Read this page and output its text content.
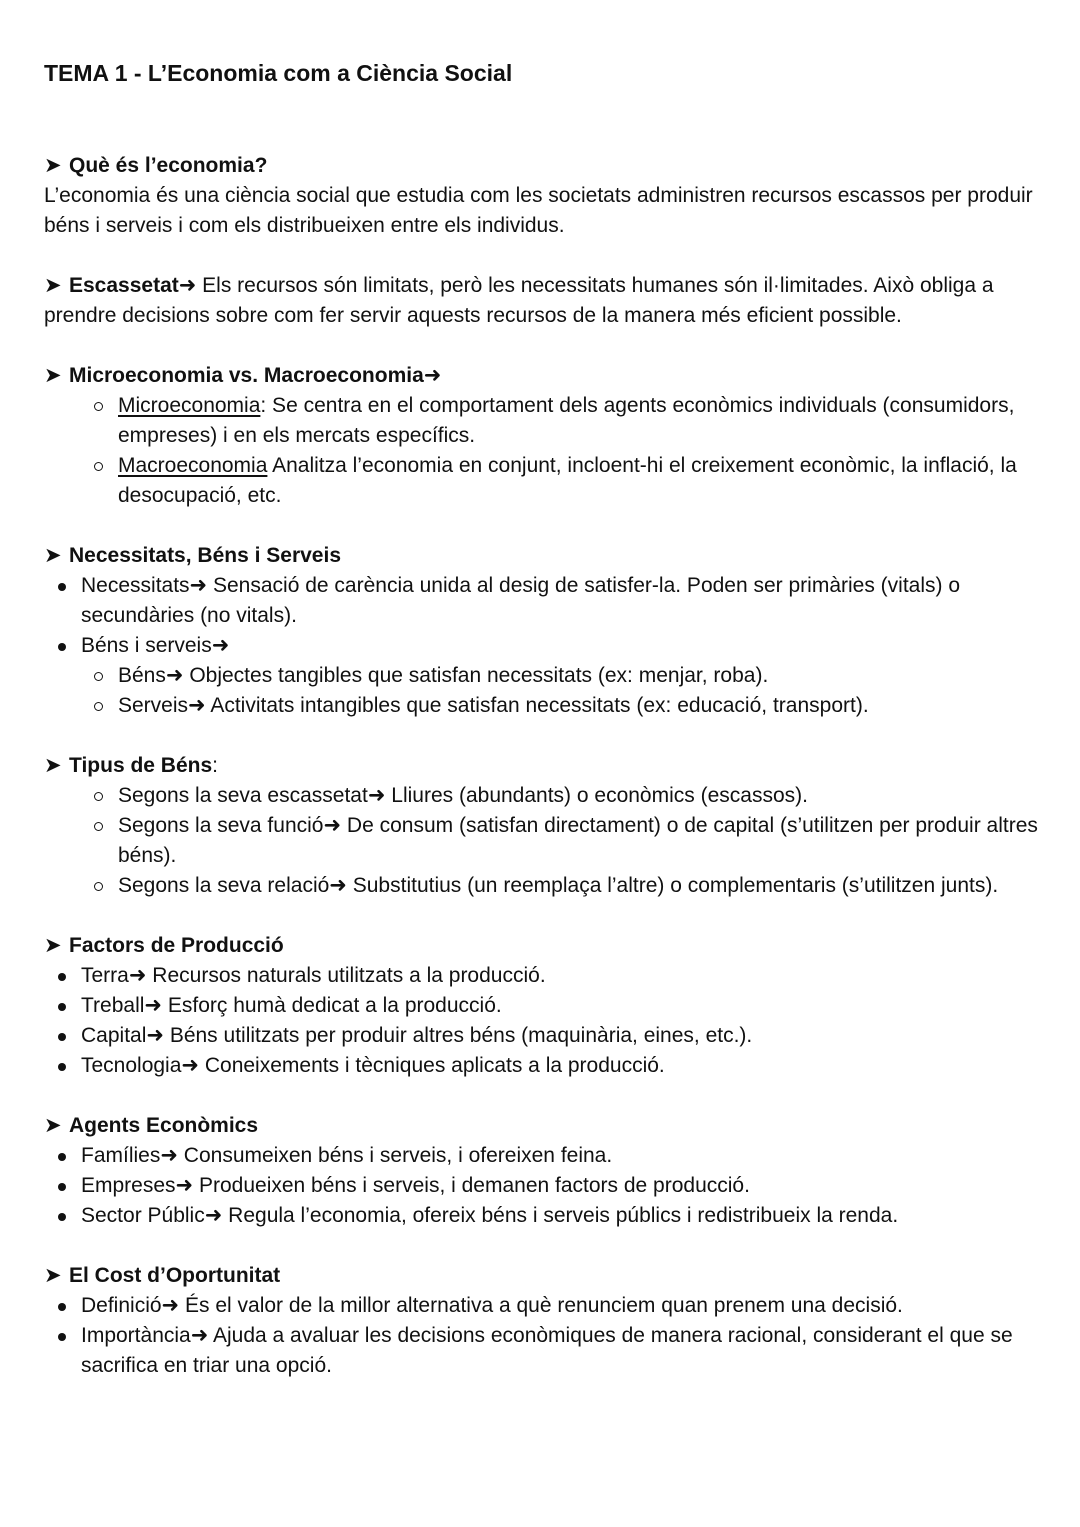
TEMA 1 - L’Economia com a Ciència Social

➤ Què és l’economia?

L’economia és una ciència social que estudia com les societats administren recursos escassos per produir béns i serveis i com els distribueixen entre els individus.

➤ Escassetat➜ Els recursos són limitats, però les necessitats humanes són il·limitades. Això obliga a prendre decisions sobre com fer servir aquests recursos de la manera més eficient possible.

➤ Microeconomia vs. Macroeconomia➜

Microeconomia: Se centra en el comportament dels agents econòmics individuals (consumidors, empreses) i en els mercats específics.
Macroeconomia Analitza l’economia en conjunt, incloent-hi el creixement econòmic, la inflació, la desocupació, etc.

➤ Necessitats, Béns i Serveis

Necessitats➜ Sensació de carència unida al desig de satisfer-la. Poden ser primàries (vitals) o secundàries (no vitals).
Béns i serveis➜
Béns➜ Objectes tangibles que satisfan necessitats (ex: menjar, roba).
Serveis➜ Activitats intangibles que satisfan necessitats (ex: educació, transport).

➤ Tipus de Béns:

Segons la seva escassetat➜ Lliures (abundants) o econòmics (escassos).
Segons la seva funció➜ De consum (satisfan directament) o de capital (s’utilitzen per produir altres béns).
Segons la seva relació➜ Substitutius (un reemplaça l’altre) o complementaris (s’utilitzen junts).

➤ Factors de Producció

Terra➜ Recursos naturals utilitzats a la producció.
Treball➜ Esforç humà dedicat a la producció.
Capital➜ Béns utilitzats per produir altres béns (maquinària, eines, etc.).
Tecnologia➜ Coneixements i tècniques aplicats a la producció.

➤ Agents Econòmics

Famílies➜ Consumeixen béns i serveis, i ofereixen feina.
Empreses➜ Produeixen béns i serveis, i demanen factors de producció.
Sector Públic➜ Regula l’economia, ofereix béns i serveis públics i redistribueix la renda.

➤ El Cost d’Oportunitat

Definició➜ És el valor de la millor alternativa a què renunciem quan prenem una decisió.
Importància➜ Ajuda a avaluar les decisions econòmiques de manera racional, considerant el que se sacrifica en triar una opció.
